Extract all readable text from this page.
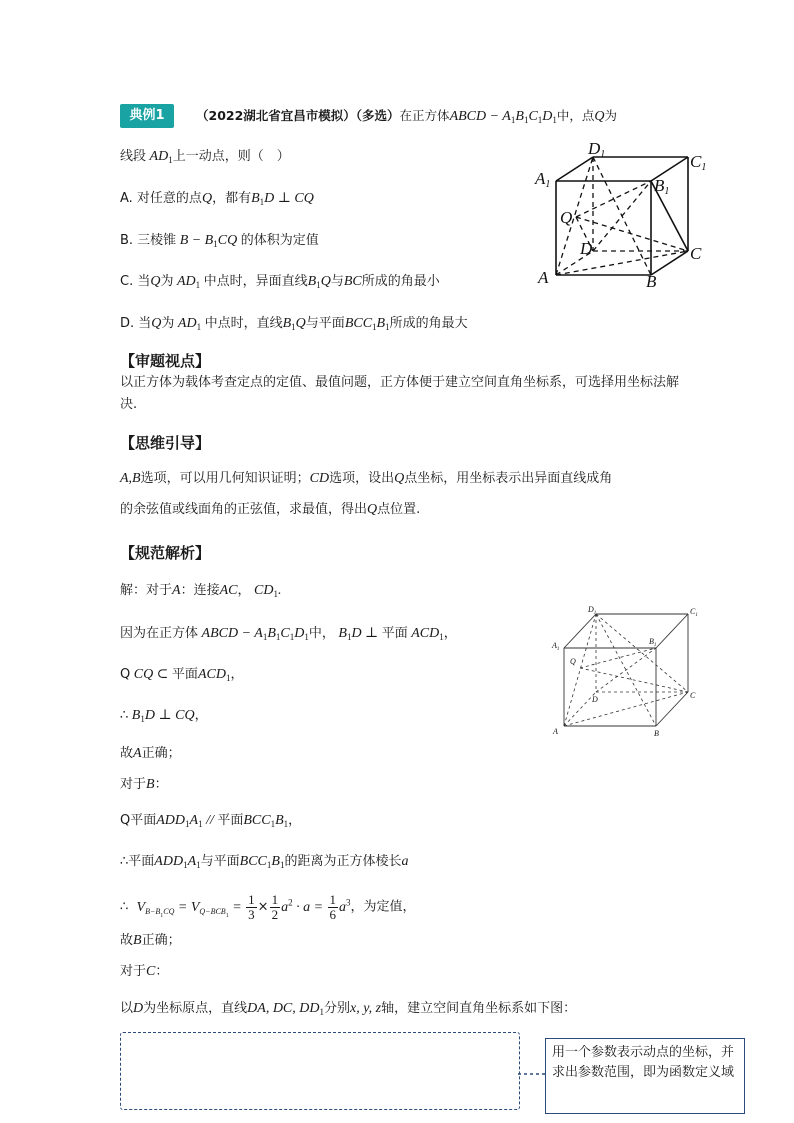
典例1	（2022湖北省宜昌市模拟）（多选）在正方体ABCD − $A_1B_1C_1D_1$中，点Q为
线段 $AD_1$上一动点，则（　）
A. 对任意的点Q，都有$B_1D$ ⊥ CQ
B. 三棱锥 $B - B_1CQ$ 的体积为定值
C. 当Q为 $AD_1$ 中点时，异面直线$B_1Q$与BC所成的角最小
D. 当Q为 $AD_1$ 中点时，直线$B_1Q$与平面$BCC_1B_1$所成的角最大
D1	C1
A1	B1
Q
D	C
A	B
【审题视点】
以正方体为载体考查定点的定值、最值问题，正方体便于建立空间直角坐标系，可选择用坐标法解决.
【思维引导】
A,B选项，可以用几何知识证明；CD选项，设出Q点坐标，用坐标表示出异面直线成角
的余弦值或线面角的正弦值，求最值，得出Q点位置.
【规范解析】
解：对于A：连接AC， $CD_1$.
因为在正方体 ABCD − $A_1B_1C_1D_1$中， $B_1D$ ⊥ 平面 $ACD_1$，
Q CQ ⊂ 平面$ACD_1$，
∴ $B_1D$ ⊥ CQ，
故A正确；
对于B：
Q平面$ADD_1A_1$ // 平面$BCC_1B_1$，
∴平面$ADD_1A_1$与平面$BCC_1B_1$的距离为正方体棱长a
∴ $V_{B-B_1CQ} = V_{Q-BCB_1} = \frac{1}{3} \times \frac{1}{2} a^2 \cdot a = \frac{1}{6} a^3$，为定值，
故B正确；
对于C：
以D为坐标原点，直线DA, DC, $DD_1$分别x, y, z轴，建立空间直角坐标系如下图：
$D_1$	$C_1$
$A_1$
$B_1$
Q
D	C
A	B
用一个参数表示动点的坐标，并求出参数范围，即为函数定义域
